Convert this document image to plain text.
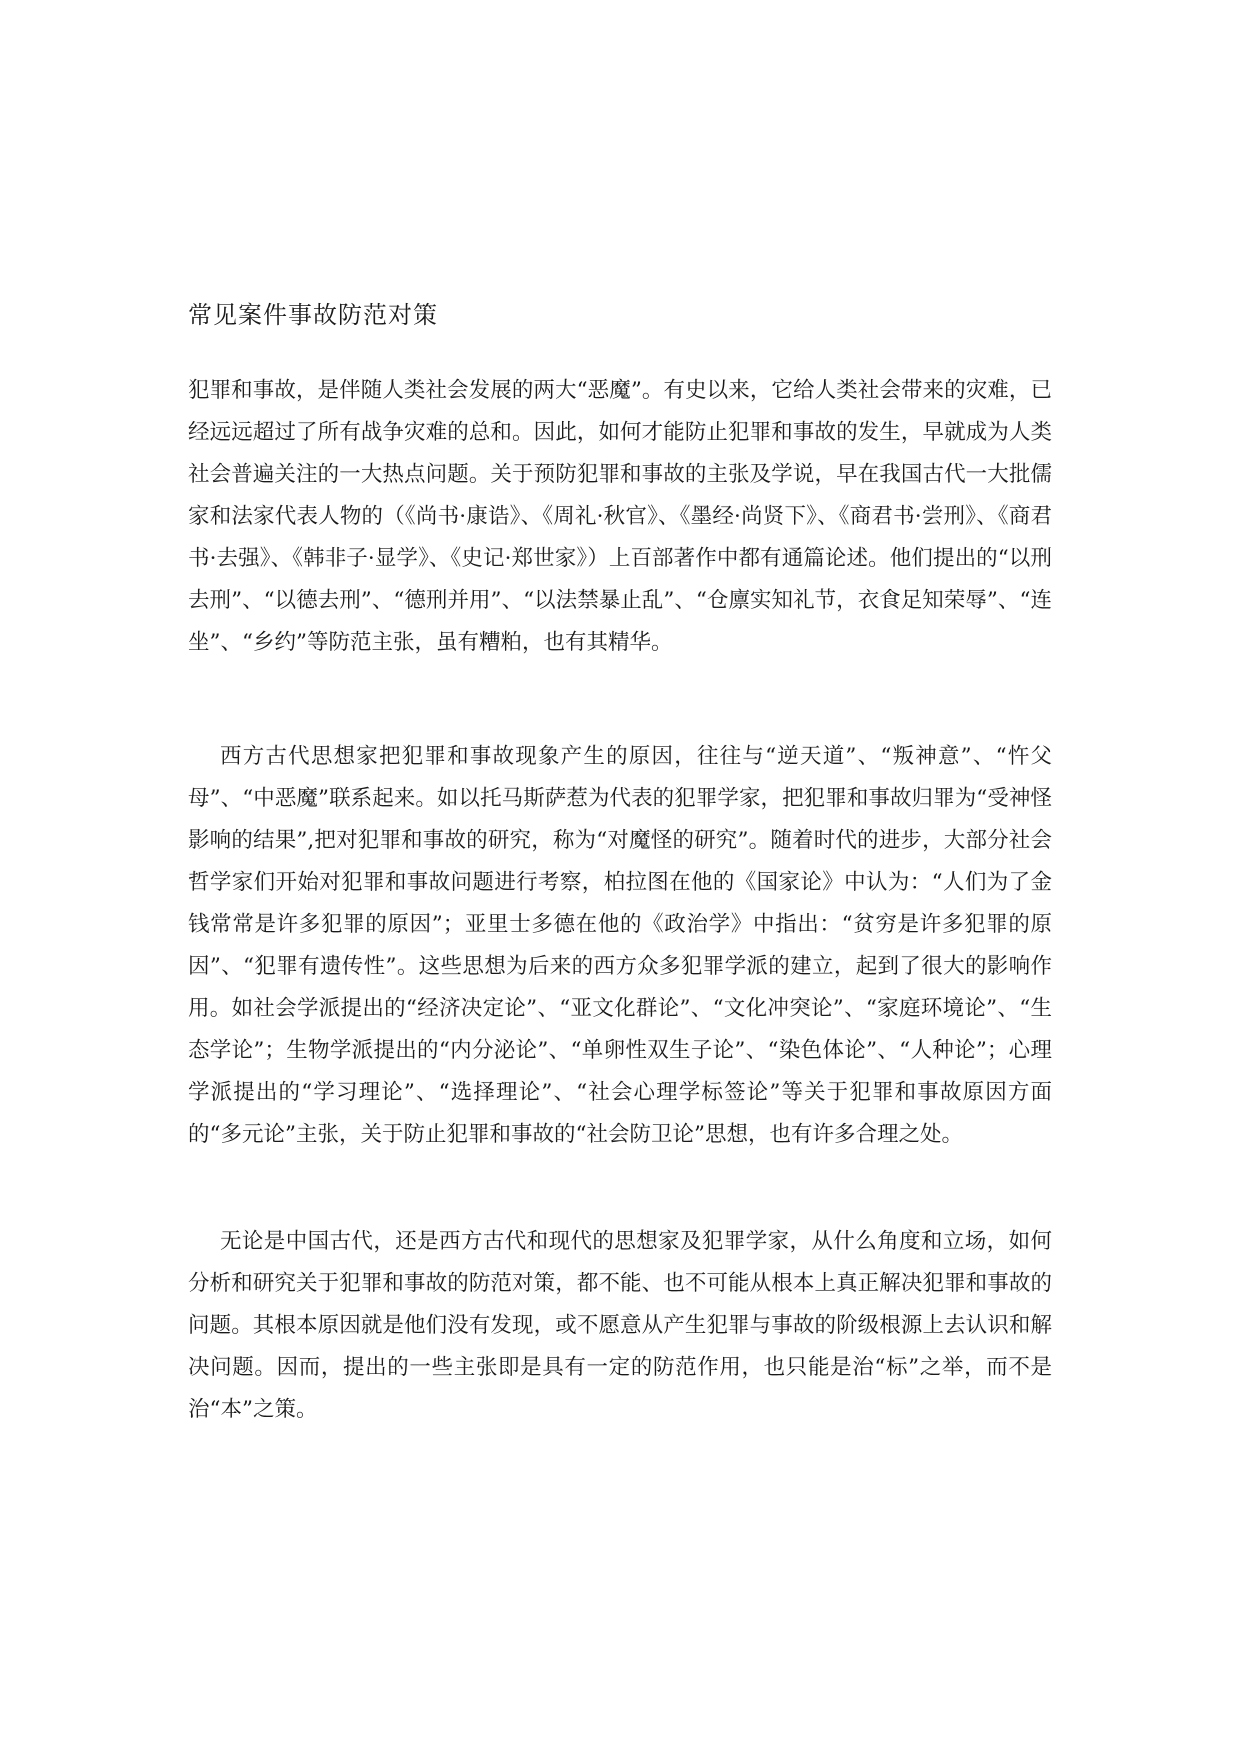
常见案件事故防范对策

犯罪和事故，是伴随人类社会发展的两大“恶魔”。有史以来，它给人类社会带来的灾难，已经远远超过了所有战争灾难的总和。因此，如何才能防止犯罪和事故的发生，早就成为人类社会普遍关注的一大热点问题。关于预防犯罪和事故的主张及学说，早在我国古代一大批儒家和法家代表人物的（《尚书·康诰》、《周礼·秋官》、《墨经·尚贤下》、《商君书·尝刑》、《商君书·去强》、《韩非子·显学》、《史记·郑世家》）上百部著作中都有通篇论述。他们提出的“以刑去刑”、“以德去刑”、“德刑并用”、“以法禁暴止乱”、“仓廪实知礼节，衣食足知荣辱”、“连坐”、“乡约”等防范主张，虽有糟粕，也有其精华。

西方古代思想家把犯罪和事故现象产生的原因，往往与“逆天道”、“叛神意”、“忤父母”、“中恶魔”联系起来。如以托马斯萨惹为代表的犯罪学家，把犯罪和事故归罪为“受神怪影响的结果”,把对犯罪和事故的研究，称为“对魔怪的研究”。随着时代的进步，大部分社会哲学家们开始对犯罪和事故问题进行考察，柏拉图在他的《国家论》中认为：“人们为了金钱常常是许多犯罪的原因”；亚里士多德在他的《政治学》中指出：“贫穷是许多犯罪的原因”、“犯罪有遗传性”。这些思想为后来的西方众多犯罪学派的建立，起到了很大的影响作用。如社会学派提出的“经济决定论”、“亚文化群论”、“文化冲突论”、“家庭环境论”、“生态学论”；生物学派提出的“内分泌论”、“单卵性双生子论”、“染色体论”、“人种论”；心理学派提出的“学习理论”、“选择理论”、“社会心理学标签论”等关于犯罪和事故原因方面的“多元论”主张，关于防止犯罪和事故的“社会防卫论”思想，也有许多合理之处。

无论是中国古代，还是西方古代和现代的思想家及犯罪学家，从什么角度和立场，如何分析和研究关于犯罪和事故的防范对策，都不能、也不可能从根本上真正解决犯罪和事故的问题。其根本原因就是他们没有发现，或不愿意从产生犯罪与事故的阶级根源上去认识和解决问题。因而，提出的一些主张即是具有一定的防范作用，也只能是治“标”之举，而不是治“本”之策。
